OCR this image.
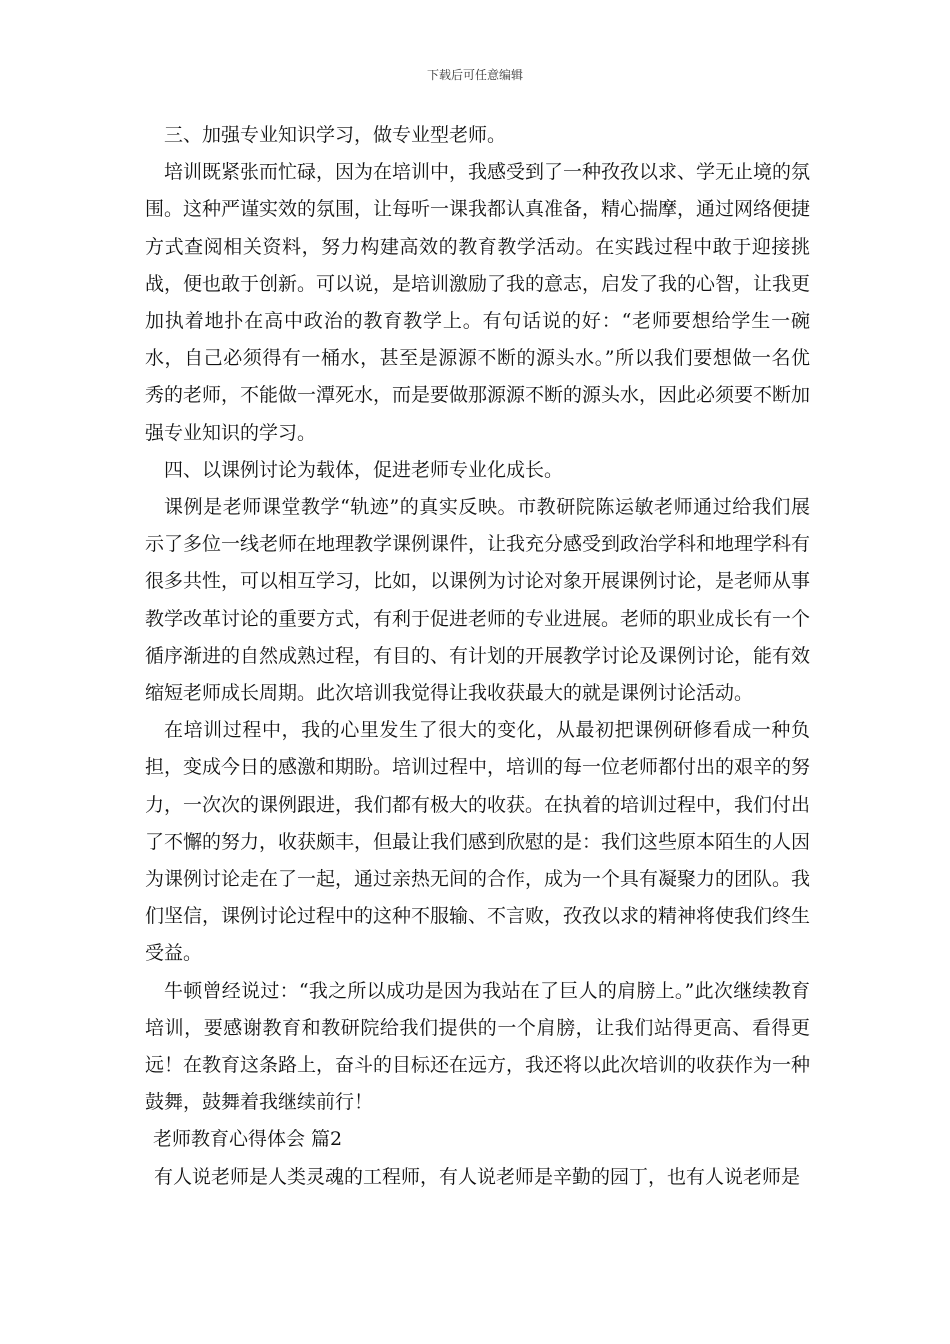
下载后可任意编辑

三、加强专业知识学习，做专业型老师。

培训既紧张而忙碌，因为在培训中，我感受到了一种孜孜以求、学无止境的氛围。这种严谨实效的氛围，让每听一课我都认真准备，精心揣摩，通过网络便捷方式查阅相关资料，努力构建高效的教育教学活动。在实践过程中敢于迎接挑战，便也敢于创新。可以说，是培训激励了我的意志，启发了我的心智，让我更加执着地扑在高中政治的教育教学上。有句话说的好：“老师要想给学生一碗水，自己必须得有一桶水，甚至是源源不断的源头水。”所以我们要想做一名优秀的老师，不能做一潭死水，而是要做那源源不断的源头水，因此必须要不断加强专业知识的学习。

四、以课例讨论为载体，促进老师专业化成长。

课例是老师课堂教学“轨迹”的真实反映。市教研院陈运敏老师通过给我们展示了多位一线老师在地理教学课例课件，让我充分感受到政治学科和地理学科有很多共性，可以相互学习，比如，以课例为讨论对象开展课例讨论，是老师从事教学改革讨论的重要方式，有利于促进老师的专业进展。老师的职业成长有一个循序渐进的自然成熟过程，有目的、有计划的开展教学讨论及课例讨论，能有效缩短老师成长周期。此次培训我觉得让我收获最大的就是课例讨论活动。

在培训过程中，我的心里发生了很大的变化，从最初把课例研修看成一种负担，变成今日的感激和期盼。培训过程中，培训的每一位老师都付出的艰辛的努力，一次次的课例跟进，我们都有极大的收获。在执着的培训过程中，我们付出了不懈的努力，收获颇丰，但最让我们感到欣慰的是：我们这些原本陌生的人因为课例讨论走在了一起，通过亲热无间的合作，成为一个具有凝聚力的团队。我们坚信，课例讨论过程中的这种不服输、不言败，孜孜以求的精神将使我们终生受益。

牛顿曾经说过：“我之所以成功是因为我站在了巨人的肩膀上。”此次继续教育培训，要感谢教育和教研院给我们提供的一个肩膀，让我们站得更高、看得更远！在教育这条路上，奋斗的目标还在远方，我还将以此次培训的收获作为一种鼓舞，鼓舞着我继续前行！

老师教育心得体会 篇2

有人说老师是人类灵魂的工程师，有人说老师是辛勤的园丁，也有人说老师是
